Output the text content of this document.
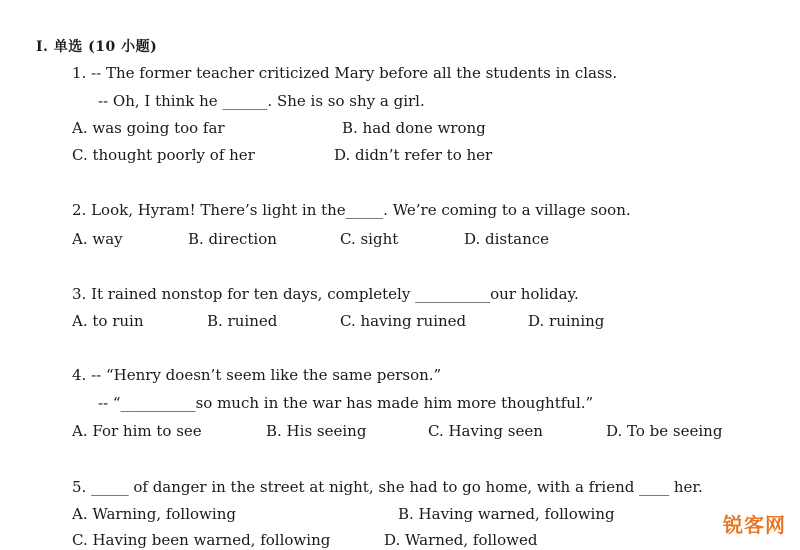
I. 单选 (10 小题)
1. -- The former teacher criticized Mary before all the students in class.
-- Oh, I think he ______. She is so shy a girl.
A. was going too far	B. had done wrong
C. thought poorly of her	D. didn’t refer to her
2. Look, Hyram! There’s light in the_____. We’re coming to a village soon.
A. way	B. direction	C. sight	D. distance
3. It rained nonstop for ten days, completely __________our holiday.
A. to ruin	B. ruined	C. having ruined	D. ruining
4. -- “Henry doesn’t seem like the same person.”
-- “__________so much in the war has made him more thoughtful.”
A. For him to see	B. His seeing	C. Having seen	D. To be seeing
5. _____ of danger in the street at night, she had to go home, with a friend ____ her.
A. Warning, following	B. Having warned, following
C. Having been warned, following	D. Warned, followed
锐客网
